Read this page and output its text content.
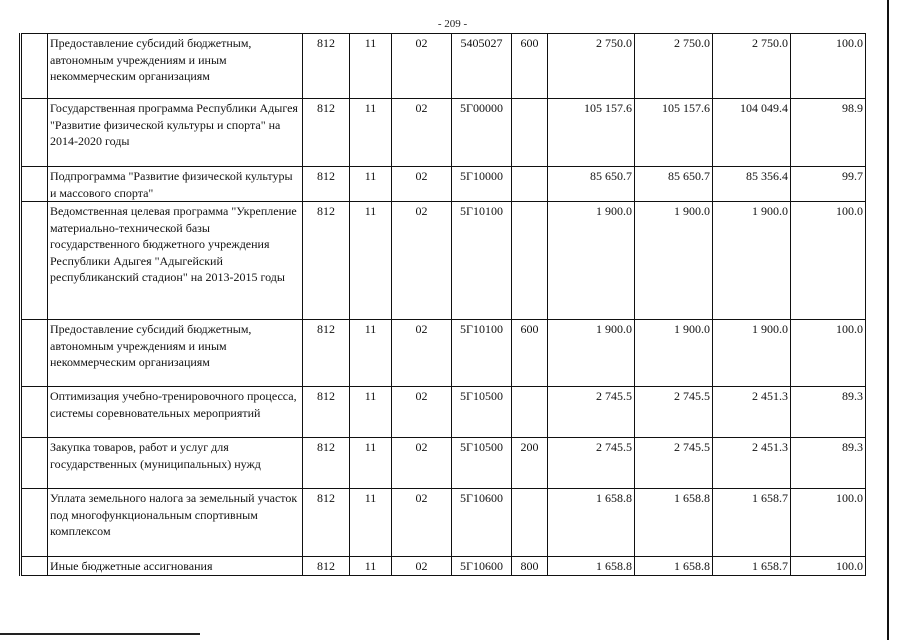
- 209 -
	Предоставление субсидий бюджетным, автономным учреждениям и иным некоммерческим организациям	812	11	02	5405027	600	2 750.0	2 750.0	2 750.0	100.0
	Государственная программа Республики Адыгея "Развитие физической культуры и спорта" на 2014-2020 годы	812	11	02	5Г00000		105 157.6	105 157.6	104 049.4	98.9
	Подпрограмма "Развитие физической культуры и массового спорта"	812	11	02	5Г10000		85 650.7	85 650.7	85 356.4	99.7
	Ведомственная целевая программа "Укрепление материально-технической базы государственного бюджетного учреждения Республики Адыгея "Адыгейский республиканский стадион" на 2013-2015 годы	812	11	02	5Г10100		1 900.0	1 900.0	1 900.0	100.0
	Предоставление субсидий бюджетным, автономным учреждениям и иным некоммерческим организациям	812	11	02	5Г10100	600	1 900.0	1 900.0	1 900.0	100.0
	Оптимизация учебно-тренировочного процесса, системы соревновательных мероприятий	812	11	02	5Г10500		2 745.5	2 745.5	2 451.3	89.3
	Закупка товаров, работ и услуг для государственных (муниципальных) нужд	812	11	02	5Г10500	200	2 745.5	2 745.5	2 451.3	89.3
	Уплата земельного налога за земельный участок под многофункциональным спортивным комплексом	812	11	02	5Г10600		1 658.8	1 658.8	1 658.7	100.0
	Иные бюджетные ассигнования	812	11	02	5Г10600	800	1 658.8	1 658.8	1 658.7	100.0
